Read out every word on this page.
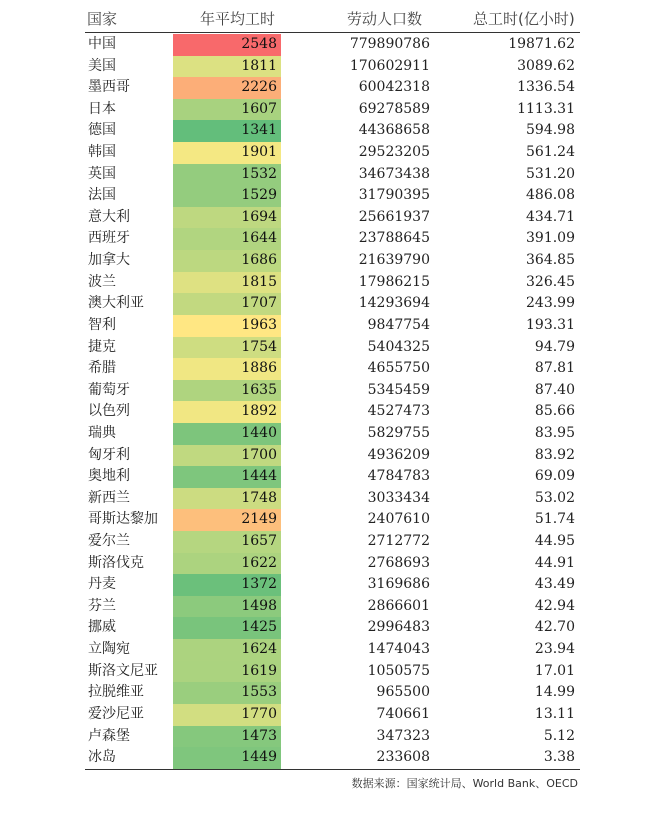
国家	年平均工时	劳动人口数	总工时(亿小时)
中国	2548	779890786	19871.62
美国	1811	170602911	3089.62
墨西哥	2226	60042318	1336.54
日本	1607	69278589	1113.31
德国	1341	44368658	594.98
韩国	1901	29523205	561.24
英国	1532	34673438	531.20
法国	1529	31790395	486.08
意大利	1694	25661937	434.71
西班牙	1644	23788645	391.09
加拿大	1686	21639790	364.85
波兰	1815	17986215	326.45
澳大利亚	1707	14293694	243.99
智利	1963	9847754	193.31
捷克	1754	5404325	94.79
希腊	1886	4655750	87.81
葡萄牙	1635	5345459	87.40
以色列	1892	4527473	85.66
瑞典	1440	5829755	83.95
匈牙利	1700	4936209	83.92
奥地利	1444	4784783	69.09
新西兰	1748	3033434	53.02
哥斯达黎加	2149	2407610	51.74
爱尔兰	1657	2712772	44.95
斯洛伐克	1622	2768693	44.91
丹麦	1372	3169686	43.49
芬兰	1498	2866601	42.94
挪威	1425	2996483	42.70
立陶宛	1624	1474043	23.94
斯洛文尼亚	1619	1050575	17.01
拉脱维亚	1553	965500	14.99
爱沙尼亚	1770	740661	13.11
卢森堡	1473	347323	5.12
冰岛	1449	233608	3.38
数据来源：国家统计局、World Bank、OECD
